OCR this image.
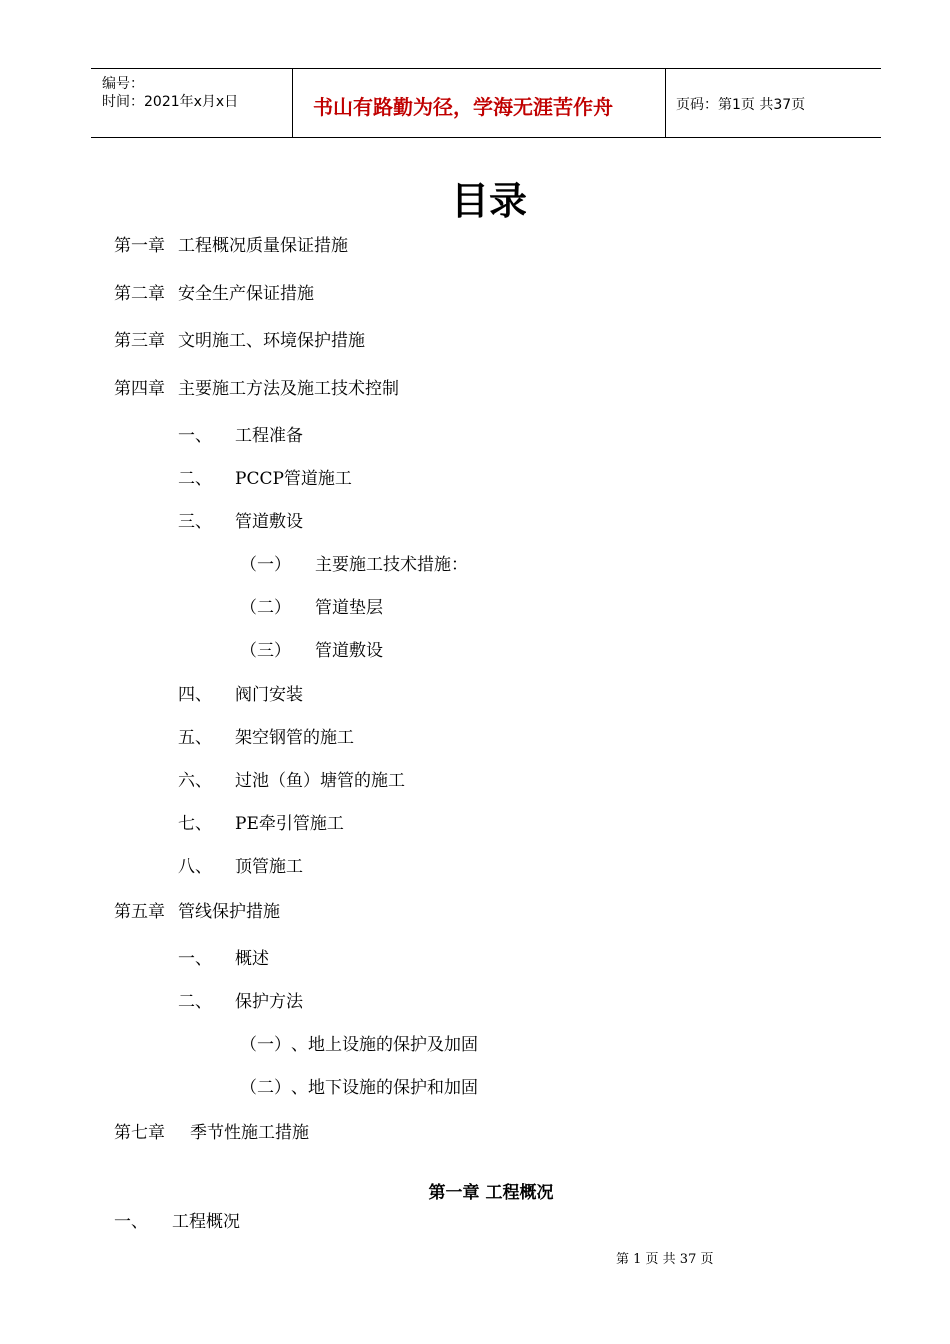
编号：
时间：2021年x月x日	书山有路勤为径，学海无涯苦作舟	页码：第1页 共37页
目录
第一章 工程概况质量保证措施
第二章 安全生产保证措施
第三章 文明施工、环境保护措施
第四章 主要施工方法及施工技术控制
一、 工程准备
二、 PCCP管道施工
三、 管道敷设
（一） 主要施工技术措施：
（二） 管道垫层
（三） 管道敷设
四、 阀门安装
五、 架空钢管的施工
六、 过池（鱼）塘管的施工
七、 PE牵引管施工
八、 顶管施工
第五章 管线保护措施
一、 概述
二、 保护方法
（一）、地上设施的保护及加固
（二）、地下设施的保护和加固
第七章 季节性施工措施
第一章 工程概况
一、 工程概况
第 1 页 共 37 页
